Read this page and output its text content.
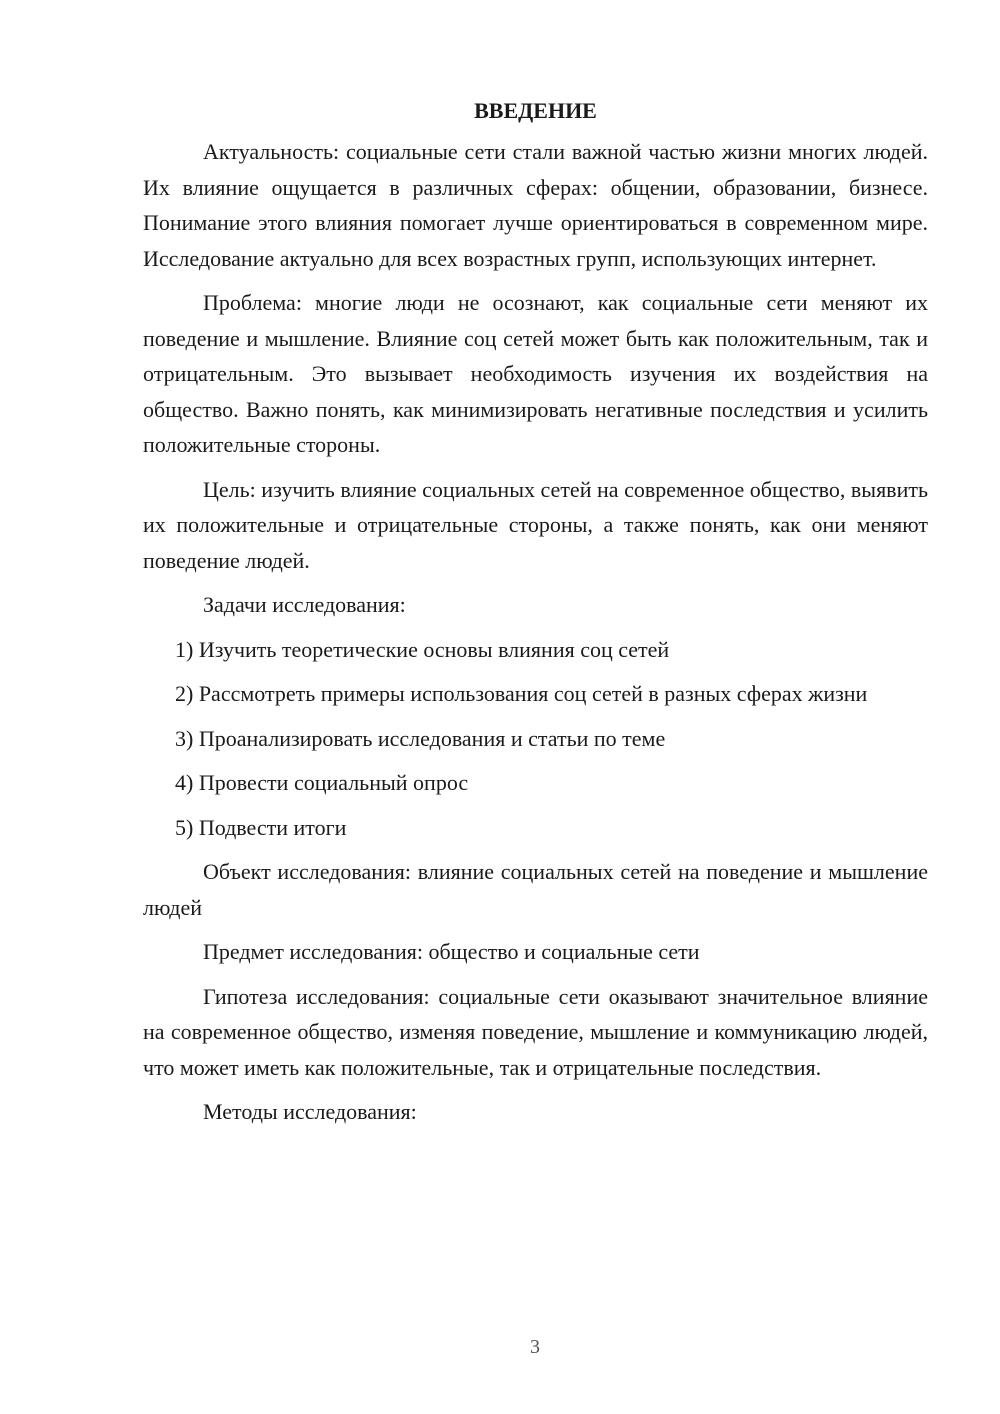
ВВЕДЕНИЕ

Актуальность: социальные сети стали важной частью жизни многих людей. Их влияние ощущается в различных сферах: общении, образовании, бизнесе. Понимание этого влияния помогает лучше ориентироваться в современном мире. Исследование актуально для всех возрастных групп, использующих интернет.

Проблема: многие люди не осознают, как социальные сети меняют их поведение и мышление. Влияние соц сетей может быть как положительным, так и отрицательным. Это вызывает необходимость изучения их воздействия на общество. Важно понять, как минимизировать негативные последствия и усилить положительные стороны.

Цель: изучить влияние социальных сетей на современное общество, выявить их положительные и отрицательные стороны, а также понять, как они меняют поведение людей.

Задачи исследования:

1) Изучить теоретические основы влияния соц сетей

2) Рассмотреть примеры использования соц сетей в разных сферах жизни

3) Проанализировать исследования и статьи по теме

4) Провести социальный опрос

5) Подвести итоги

Объект исследования: влияние социальных сетей на поведение и мышление людей

Предмет исследования: общество и социальные сети

Гипотеза исследования: социальные сети оказывают значительное влияние на современное общество, изменяя поведение, мышление и коммуникацию людей, что может иметь как положительные, так и отрицательные последствия.

Методы исследования:

3
